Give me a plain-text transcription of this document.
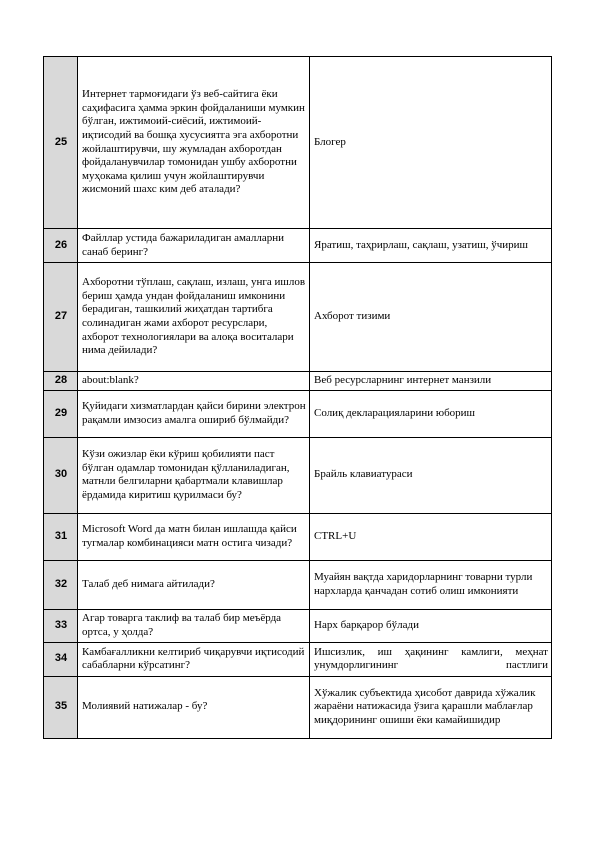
25	Интернет тармоғидаги ўз веб-сайтига ёки саҳифасига ҳамма эркин фойдаланиши мумкин бўлган, ижтимоий-сиёсий, ижтимоий-иқтисодий ва бошқа хусусиятга эга ахборотни жойлаштирувчи, шу жумладан ахборотдан фойдаланувчилар томонидан ушбу ахборотни муҳокама қилиш учун жойлаштирувчи жисмоний шахс ким деб аталади?	Блогер
26	Файллар устида бажариладиган амалларни санаб беринг?	Яратиш, таҳрирлаш, сақлаш, узатиш, ўчириш
27	Ахборотни тўплаш, сақлаш, излаш, унга ишлов бериш ҳамда ундан фойдаланиш имконини берадиган, ташкилий жиҳатдан тартибга солинадиган жами ахборот ресурслари, ахборот технологиялари ва алоқа воситалари нима дейилади?	Ахборот тизими
28	about:blank?	Веб ресурсларнинг интернет манзили
29	Қуйидаги хизматлардан қайси бирини электрон рақамли имзосиз амалга ошириб бўлмайди?	Солиқ декларацияларини юбориш
30	Кўзи ожизлар ёки кўриш қобилияти паст бўлган одамлар томонидан қўлланиладиган, матнли белгиларни қабартмали клавишлар ёрдамида киритиш қурилмаси бу?	Брайль клавиатураси
31	Microsoft Word да матн билан ишлашда қайси тугмалар комбинацияси матн остига чизади?	CTRL+U
32	Талаб деб нимага айтилади?	Муайян вақтда харидорларнинг товарни турли нархларда қанчадан сотиб олиш имконияти
33	Агар товарга таклиф ва талаб бир меъёрда ортса, у ҳолда?	Нарх барқарор бўлади
34	Камбағалликни келтириб чиқарувчи иқтисодий сабабларни кўрсатинг?	Ишсизлик, иш ҳақининг камлиги, меҳнат унумдорлигининг пастлиги
35	Молиявий натижалар - бу?	Хўжалик субъектида ҳисобот даврида хўжалик жараёни натижасида ўзига қарашли маблағлар миқдорининг ошиши ёки камайишидир
